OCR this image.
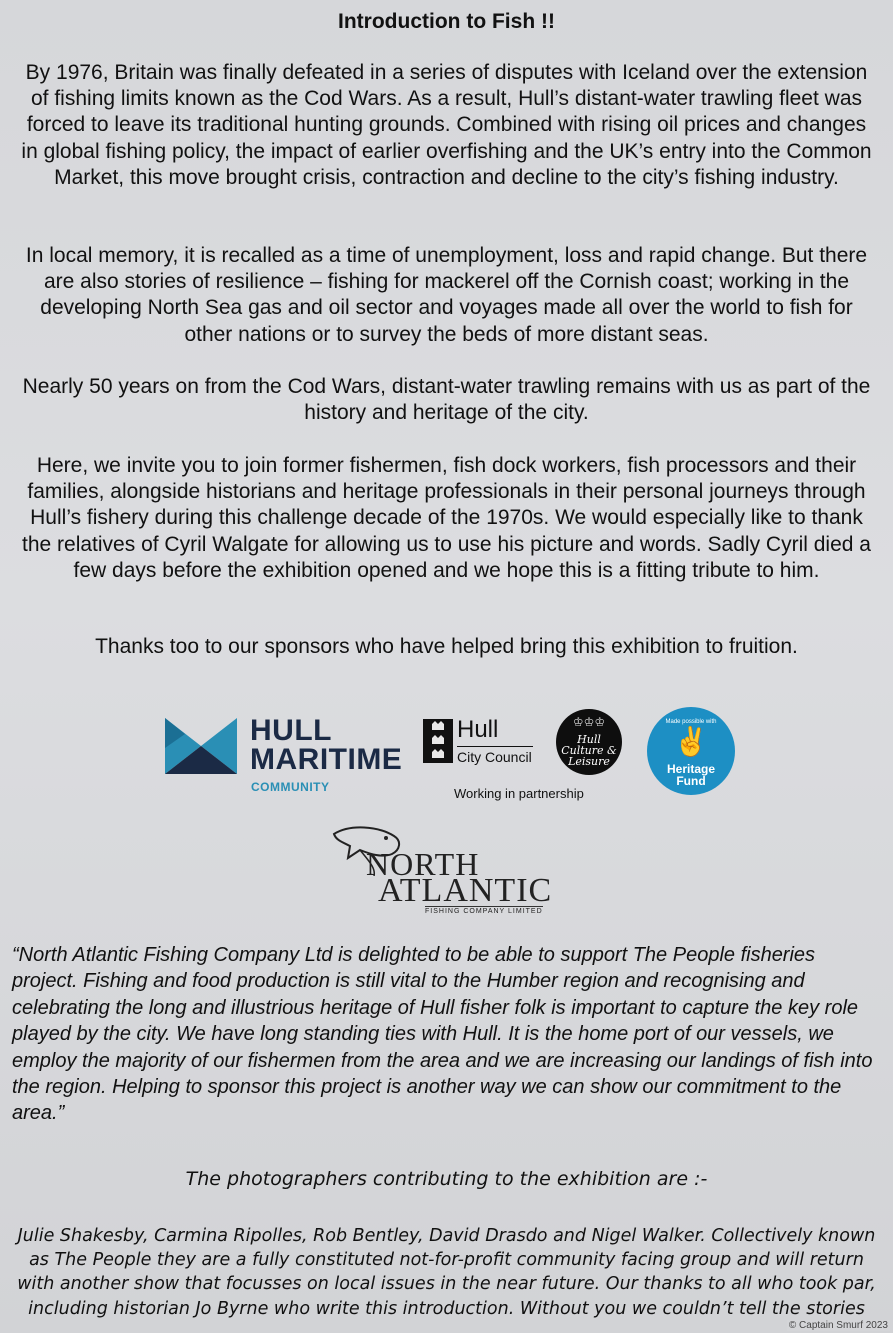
Introduction to Fish !!
By 1976, Britain was finally defeated in a series of disputes with Iceland over the extension of fishing limits known as the Cod Wars. As a result, Hull’s distant-water trawling fleet was forced to leave its traditional hunting grounds. Combined with rising oil prices and changes in global fishing policy, the impact of earlier overfishing and the UK’s entry into the Common Market, this move brought crisis, contraction and decline to the city’s fishing industry.
In local memory, it is recalled as a time of unemployment, loss and rapid change. But there are also stories of resilience – fishing for mackerel off the Cornish coast; working in the developing North Sea gas and oil sector and voyages made all over the world to fish for other nations or to survey the beds of more distant seas.
Nearly 50 years on from the Cod Wars, distant-water trawling remains with us as part of the history and heritage of the city.
Here, we invite you to join former fishermen, fish dock workers, fish processors and their families, alongside historians and heritage professionals in their personal journeys through Hull’s fishery during this challenge decade of the 1970s. We would especially like to thank the relatives of Cyril Walgate for allowing us to use his picture and words. Sadly Cyril died a few days before the exhibition opened and we hope this is a fitting tribute to him.
Thanks too to our sponsors who have helped bring this exhibition to fruition.
HULL
MARITIME
COMMUNITY
Hull
City Council
Working in partnership
♔♔♔
Hull
Culture &
Leisure
Made possible with
✌
Heritage
Fund
NORTH
ATLANTIC
FISHING COMPANY LIMITED
“North Atlantic Fishing Company Ltd is delighted to be able to support The People fisheries project. Fishing and food production is still vital to the Humber region and recognising and celebrating the long and illustrious heritage of Hull fisher folk is important to capture the key role played by the city. We have long standing ties with Hull. It is the home port of our vessels, we employ the majority of our fishermen from the area and we are increasing our landings of fish into the region. Helping to sponsor this project is another way we can show our commitment to the area.”
The photographers contributing to the exhibition are :-
Julie Shakesby, Carmina Ripolles, Rob Bentley, David Drasdo and Nigel Walker. Collectively known as The People they are a fully constituted not-for-profit community facing group and will return with another show that focusses on local issues in the near future. Our thanks to all who took par, including historian Jo Byrne who write this introduction. Without you we couldn’t tell the stories
© Captain Smurf 2023
